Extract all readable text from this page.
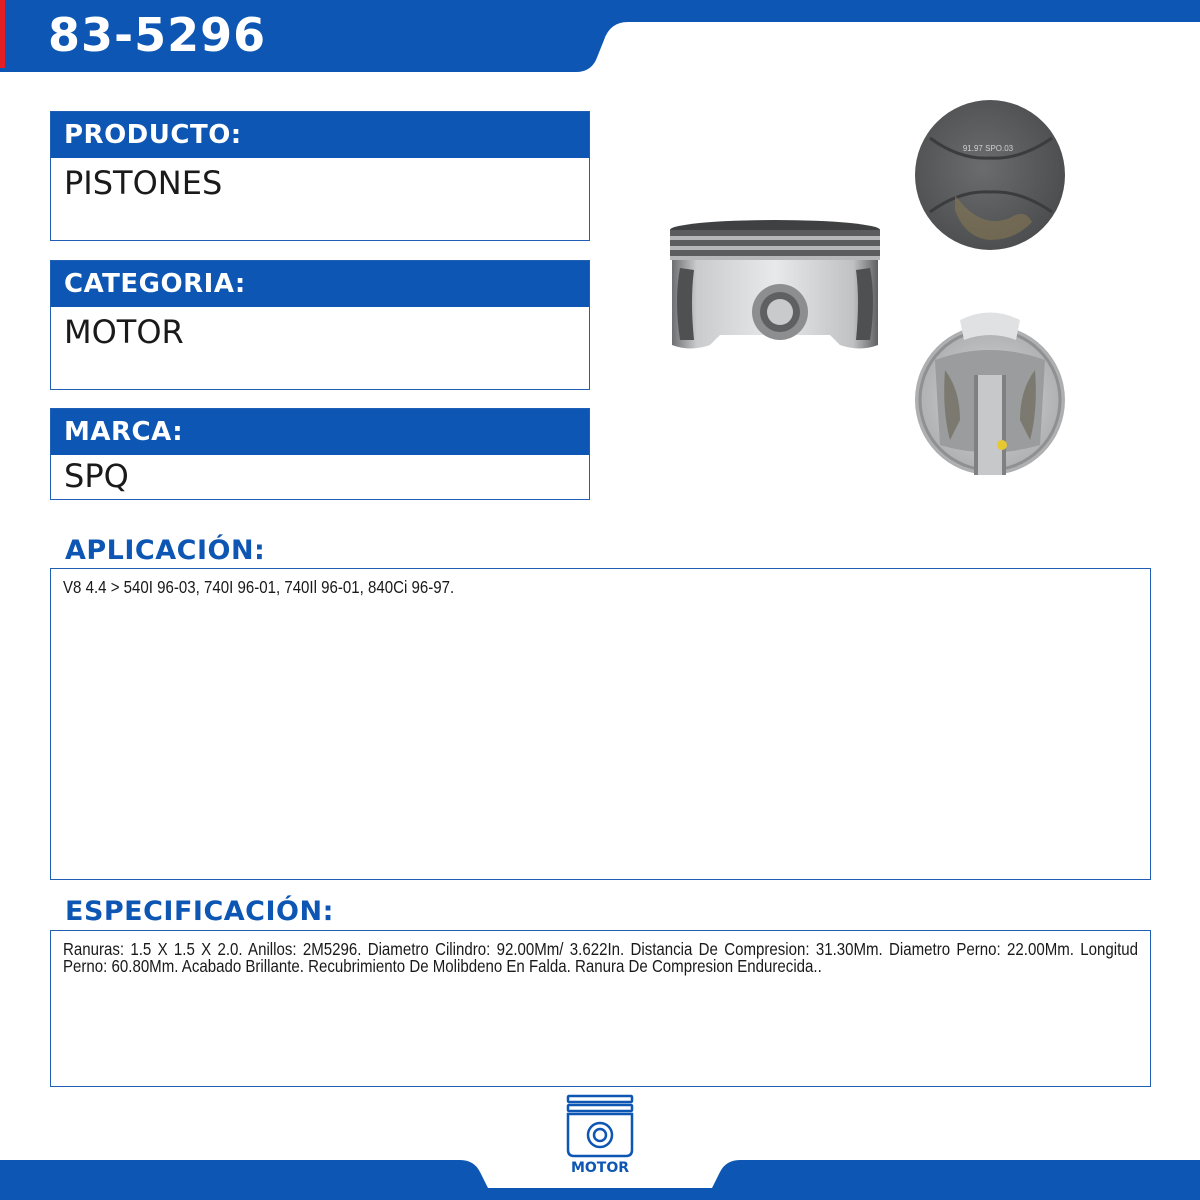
83-5296
PRODUCTO:
PISTONES
CATEGORIA:
MOTOR
MARCA:
SPQ
91.97 SPO.03
APLICACIÓN:
V8 4.4 > 540I 96-03, 740I 96-01, 740Il 96-01, 840Ci 96-97.
ESPECIFICACIÓN:
Ranuras: 1.5 X 1.5 X 2.0. Anillos: 2M5296. Diametro Cilindro: 92.00Mm/ 3.622In. Distancia De Compresion: 31.30Mm. Diametro Perno: 22.00Mm. Longitud Perno: 60.80Mm. Acabado Brillante. Recubrimiento De Molibdeno En Falda. Ranura De Compresion Endurecida..
MOTOR
